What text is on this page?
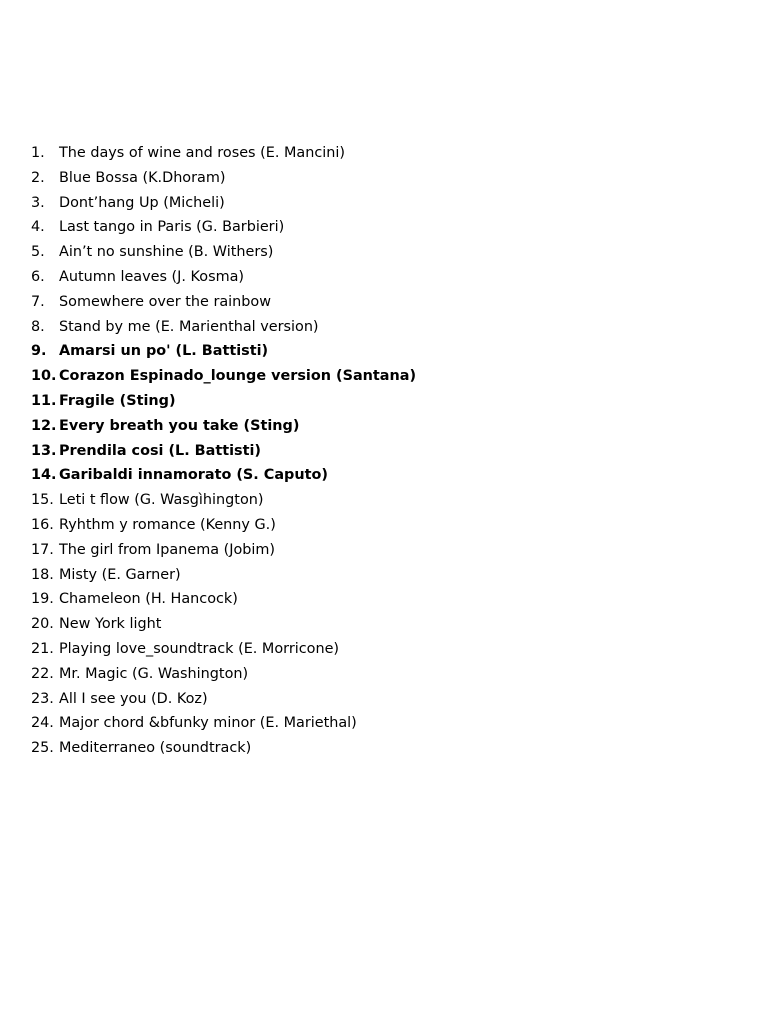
1. The days of wine and roses (E. Mancini)
2. Blue Bossa (K.Dhoram)
3. Dont’hang Up (Micheli)
4. Last tango in Paris (G. Barbieri)
5. Ain’t no sunshine (B. Withers)
6. Autumn leaves (J. Kosma)
7. Somewhere over the rainbow
8. Stand by me (E. Marienthal version)
9. Amarsi un po' (L. Battisti)
10. Corazon Espinado_lounge version (Santana)
11. Fragile (Sting)
12. Every breath you take (Sting)
13. Prendila cosi (L. Battisti)
14. Garibaldi innamorato (S. Caputo)
15. Leti t flow (G. Wasgìhington)
16. Ryhthm y romance (Kenny G.)
17. The girl from Ipanema (Jobim)
18. Misty (E. Garner)
19. Chameleon (H. Hancock)
20. New York light
21. Playing love_soundtrack (E. Morricone)
22. Mr. Magic (G. Washington)
23. All I see you (D. Koz)
24. Major chord &bfunky minor (E. Mariethal)
25. Mediterraneo (soundtrack)
